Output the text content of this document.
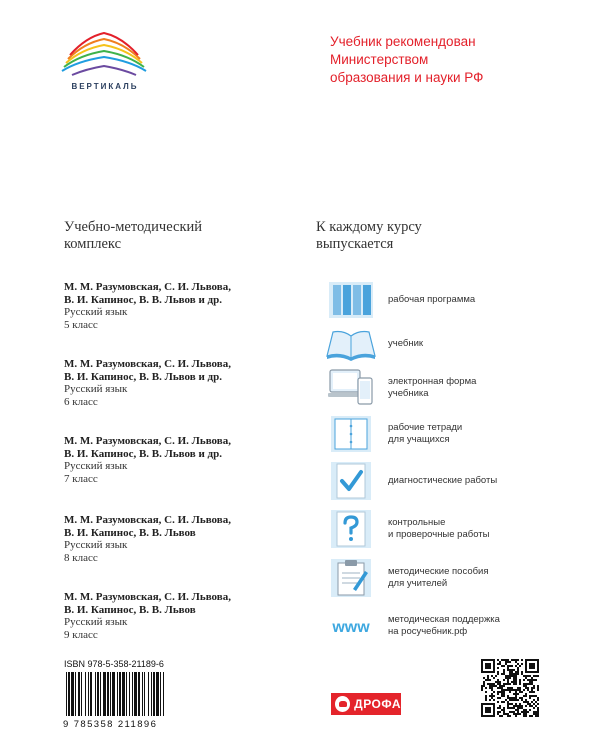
ВЕРТИКАЛЬ
Учебник рекомендован
Министерством
образования и науки РФ
Учебно-методический
комплекс
М. М. Разумовская, С. И. Львова,
В. И. Капинос, В. В. Львов и др.
Русский язык
5 класс
М. М. Разумовская, С. И. Львова,
В. И. Капинос, В. В. Львов и др.
Русский язык
6 класс
М. М. Разумовская, С. И. Львова,
В. И. Капинос, В. В. Львов и др.
Русский язык
7 класс
М. М. Разумовская, С. И. Львова,
В. И. Капинос, В. В. Львов
Русский язык
8 класс
М. М. Разумовская, С. И. Львова,
В. И. Капинос, В. В. Львов
Русский язык
9 класс
К каждому курсу
выпускается
рабочая программа
учебник
электронная форма
учебника
рабочие тетради
для учащихся
диагностические работы
контрольные
и проверочные работы
методические пособия
для учителей
www методическая поддержка
на росучебник.рф
ISBN 978-5-358-21189-6
9 785358 211896
ДРОФА
